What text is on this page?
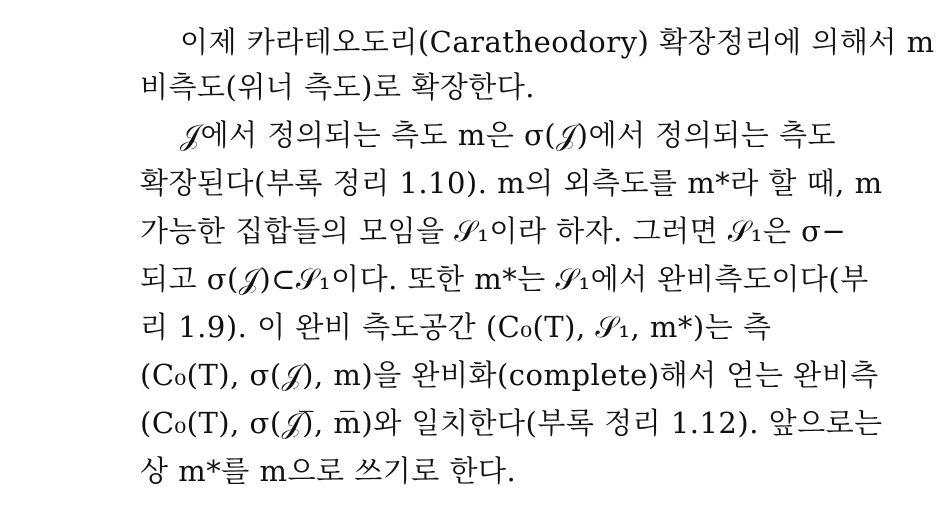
이제 카라테오도리(Caratheodory) 확장정리에 의해서 m
비측도(위너 측도)로 확장한다.
𝒥에서 정의되는 측도 m은 σ(𝒥)에서 정의되는 측도
확장된다(부록 정리 1.10). m의 외측도를 m*라 할 때, m
가능한 집합들의 모임을 𝒮₁이라 하자. 그러면 𝒮₁은 σ−
되고 σ(𝒥)⊂𝒮₁이다. 또한 m*는 𝒮₁에서 완비측도이다(부
리 1.9). 이 완비 측도공간 (C₀(T), 𝒮₁, m*)는 측
(C₀(T), σ(𝒥), m)을 완비화(complete)해서 얻는 완비측
(C₀(T), σ(𝒥)̅, m̅)와 일치한다(부록 정리 1.12). 앞으로는
상 m*를 m으로 쓰기로 한다.
